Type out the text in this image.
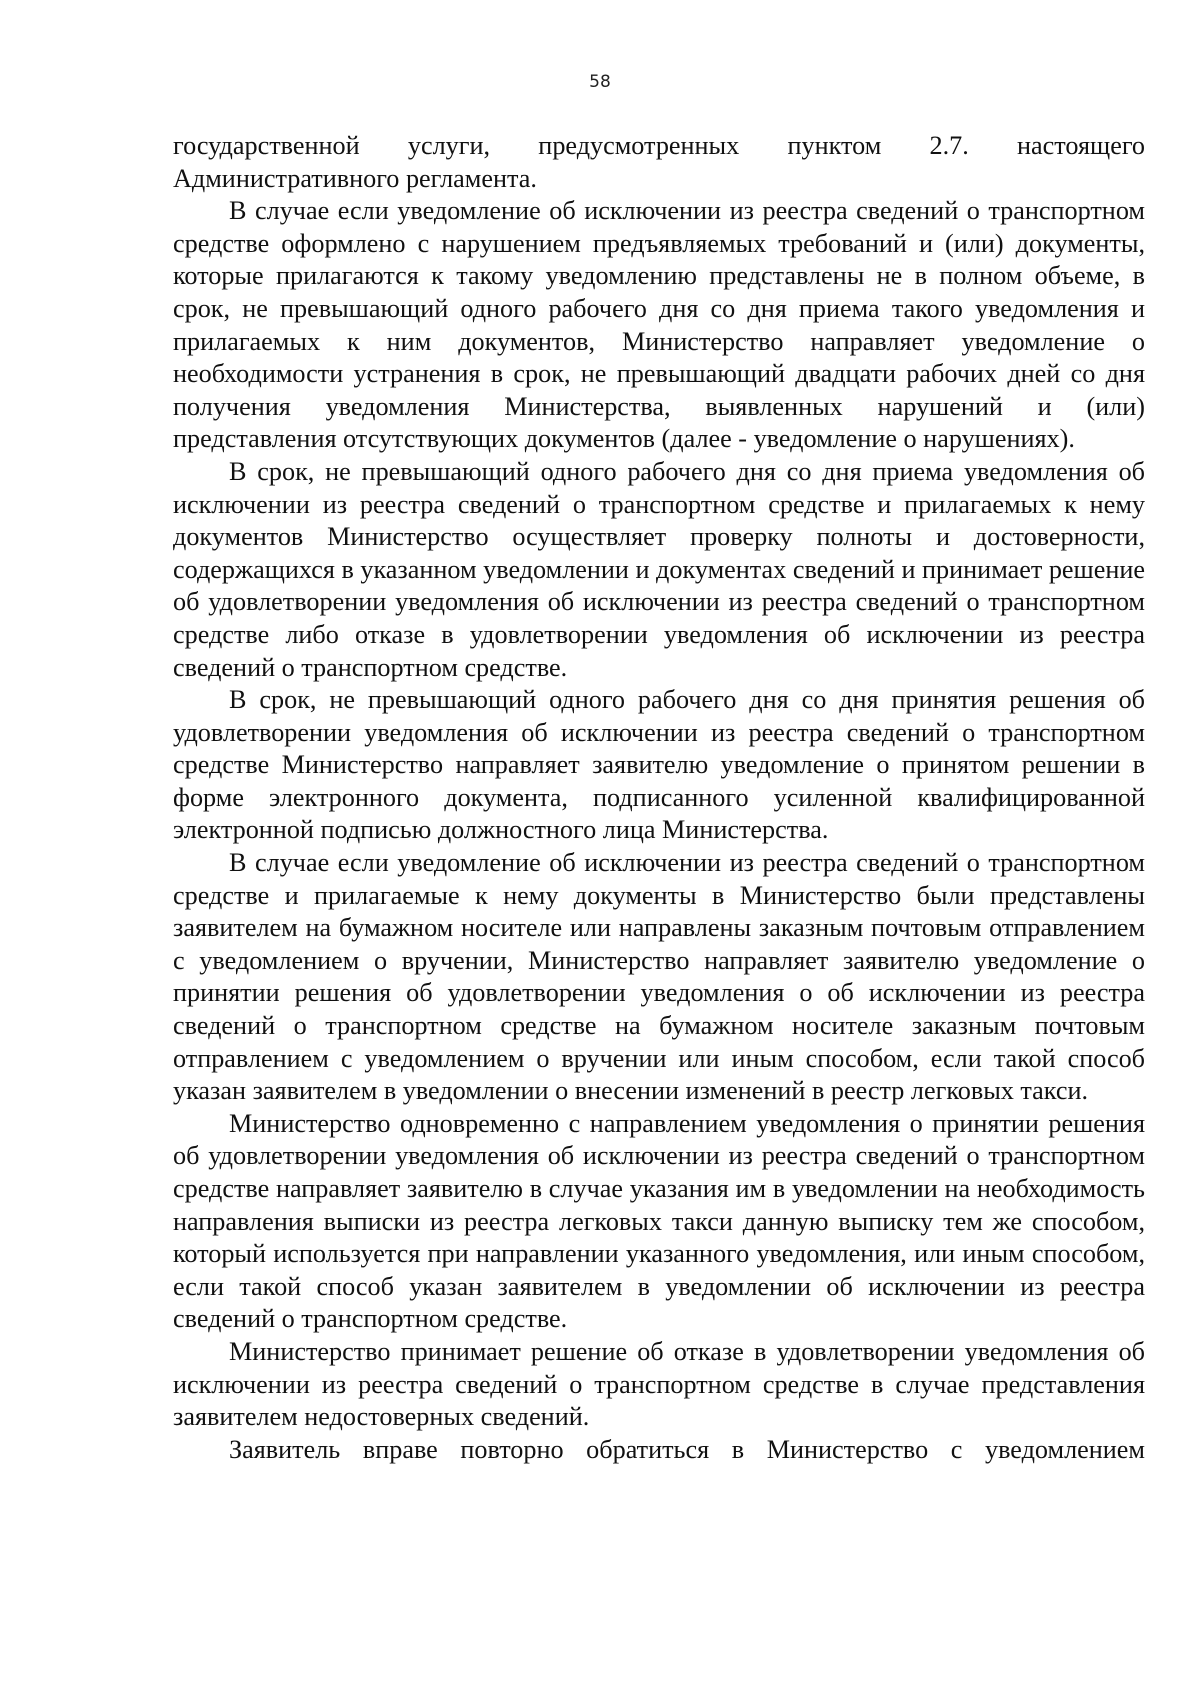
58

государственной услуги, предусмотренных пунктом 2.7. настоящего Административного регламента.

В случае если уведомление об исключении из реестра сведений о транспортном средстве оформлено с нарушением предъявляемых требований и (или) документы, которые прилагаются к такому уведомлению представлены не в полном объеме, в срок, не превышающий одного рабочего дня со дня приема такого уведомления и прилагаемых к ним документов, Министерство направляет уведомление о необходимости устранения в срок, не превышающий двадцати рабочих дней со дня получения уведомления Министерства, выявленных нарушений и (или) представления отсутствующих документов (далее - уведомление о нарушениях).

В срок, не превышающий одного рабочего дня со дня приема уведомления об исключении из реестра сведений о транспортном средстве и прилагаемых к нему документов Министерство осуществляет проверку полноты и достоверности, содержащихся в указанном уведомлении и документах сведений и принимает решение об удовлетворении уведомления об исключении из реестра сведений о транспортном средстве либо отказе в удовлетворении уведомления об исключении из реестра сведений о транспортном средстве.

В срок, не превышающий одного рабочего дня со дня принятия решения об удовлетворении уведомления об исключении из реестра сведений о транспортном средстве Министерство направляет заявителю уведомление о принятом решении в форме электронного документа, подписанного усиленной квалифицированной электронной подписью должностного лица Министерства.

В случае если уведомление об исключении из реестра сведений о транспортном средстве и прилагаемые к нему документы в Министерство были представлены заявителем на бумажном носителе или направлены заказным почтовым отправлением с уведомлением о вручении, Министерство направляет заявителю уведомление о принятии решения об удовлетворении уведомления о об исключении из реестра сведений о транспортном средстве на бумажном носителе заказным почтовым отправлением с уведомлением о вручении или иным способом, если такой способ указан заявителем в уведомлении о внесении изменений в реестр легковых такси.

Министерство одновременно с направлением уведомления о принятии решения об удовлетворении уведомления об исключении из реестра сведений о транспортном средстве направляет заявителю в случае указания им в уведомлении на необходимость направления выписки из реестра легковых такси данную выписку тем же способом, который используется при направлении указанного уведомления, или иным способом, если такой способ указан заявителем в уведомлении об исключении из реестра сведений о транспортном средстве.

Министерство принимает решение об отказе в удовлетворении уведомления об исключении из реестра сведений о транспортном средстве в случае представления заявителем недостоверных сведений.

Заявитель вправе повторно обратиться в Министерство с уведомлением
